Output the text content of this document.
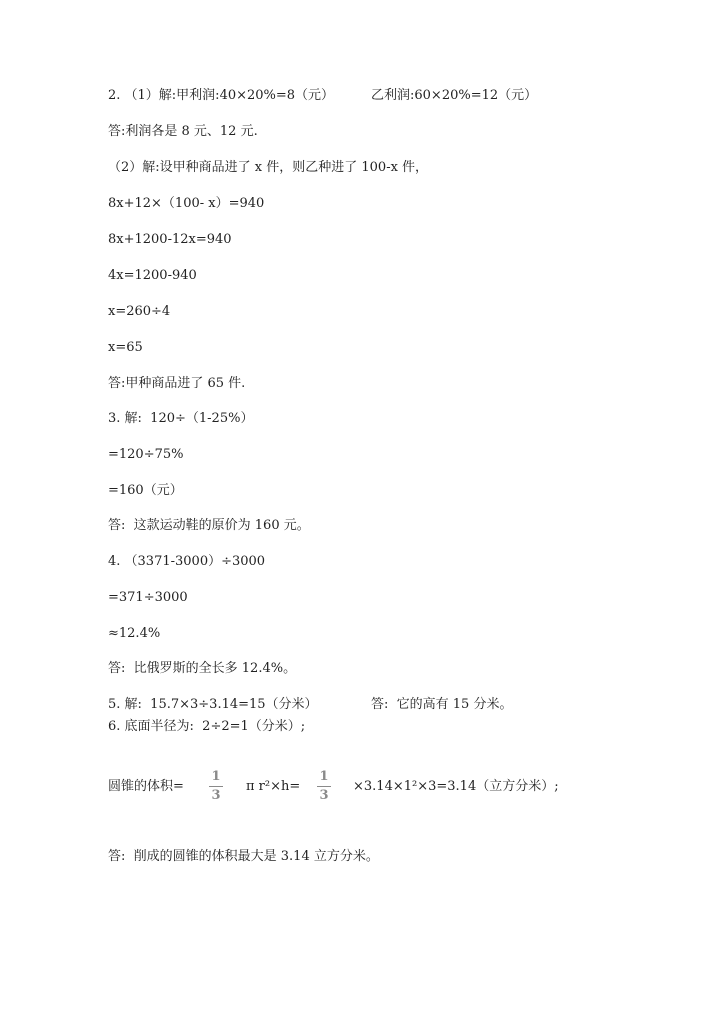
2. （1）解:甲利润:40×20%=8（元）	乙利润:60×20%=12（元）
答:利润各是 8 元、12 元.
（2）解:设甲种商品进了 x 件，则乙种进了 100-x 件，
8x+12×（100- x）=940
8x+1200-12x=940
4x=1200-940
x=260÷4
x=65
答:甲种商品进了 65 件.
3. 解:  120÷（1-25%）
=120÷75%
=160（元）
答:  这款运动鞋的原价为 160 元。
4. （3371-3000）÷3000
=371÷3000
≈12.4%
答:  比俄罗斯的全长多 12.4%。
5. 解:  15.7×3÷3.14=15（分米）	答:  它的高有 15 分米。
6. 底面半径为:  2÷2=1（分米）;
圆锥的体积=
1
3
π r²×h=
1
3
×3.14×1²×3=3.14（立方分米）;
答:  削成的圆锥的体积最大是 3.14 立方分米。
